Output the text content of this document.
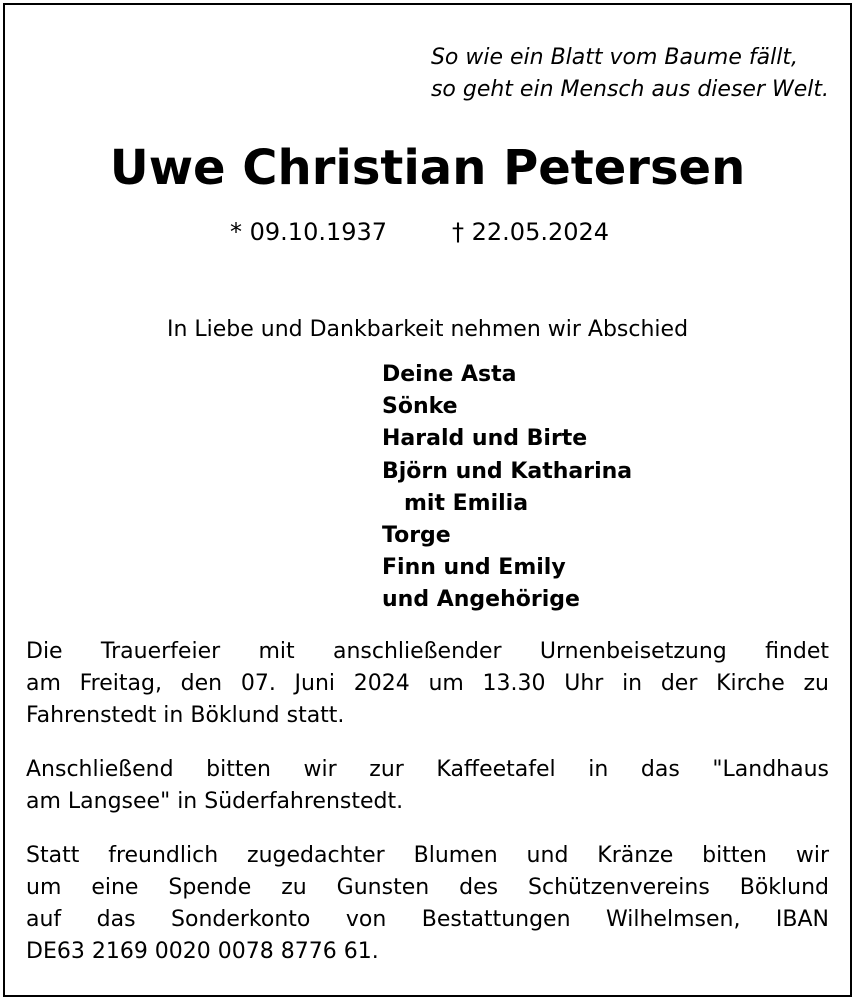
So wie ein Blatt vom Baume fällt,
so geht ein Mensch aus dieser Welt.
Uwe Christian Petersen
* 09.10.1937	† 22.05.2024
In Liebe und Dankbarkeit nehmen wir Abschied
Deine Asta
Sönke
Harald und Birte
Björn und Katharina
mit Emilia
Torge
Finn und Emily
und Angehörige
Die Trauerfeier mit anschließender Urnenbeisetzung findet
am Freitag, den 07. Juni 2024 um 13.30 Uhr in der Kirche zu
Fahrenstedt in Böklund statt.
Anschließend bitten wir zur Kaffeetafel in das "Landhaus
am Langsee" in Süderfahrenstedt.
Statt freundlich zugedachter Blumen und Kränze bitten wir
um eine Spende zu Gunsten des Schützenvereins Böklund
auf das Sonderkonto von Bestattungen Wilhelmsen, IBAN
DE63 2169 0020 0078 8776 61.
